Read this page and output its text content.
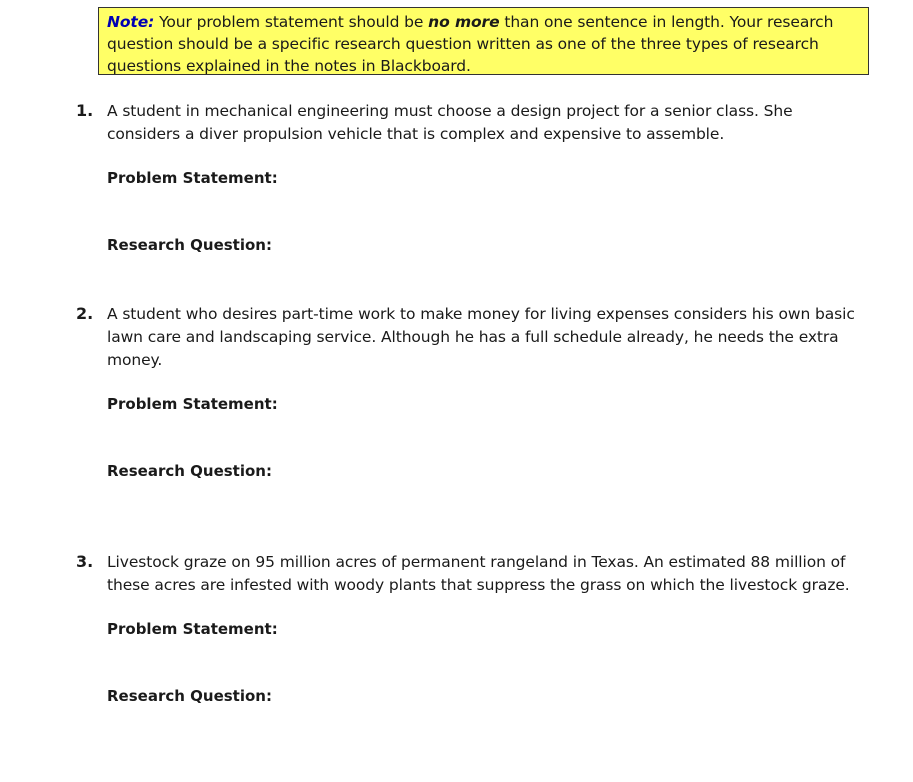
Note: Your problem statement should be no more than one sentence in length. Your research question should be a specific research question written as one of the three types of research questions explained in the notes in Blackboard.
1. A student in mechanical engineering must choose a design project for a senior class. She considers a diver propulsion vehicle that is complex and expensive to assemble.
Problem Statement:
Research Question:
2. A student who desires part-time work to make money for living expenses considers his own basic lawn care and landscaping service. Although he has a full schedule already, he needs the extra money.
Problem Statement:
Research Question:
3. Livestock graze on 95 million acres of permanent rangeland in Texas. An estimated 88 million of these acres are infested with woody plants that suppress the grass on which the livestock graze.
Problem Statement:
Research Question:
